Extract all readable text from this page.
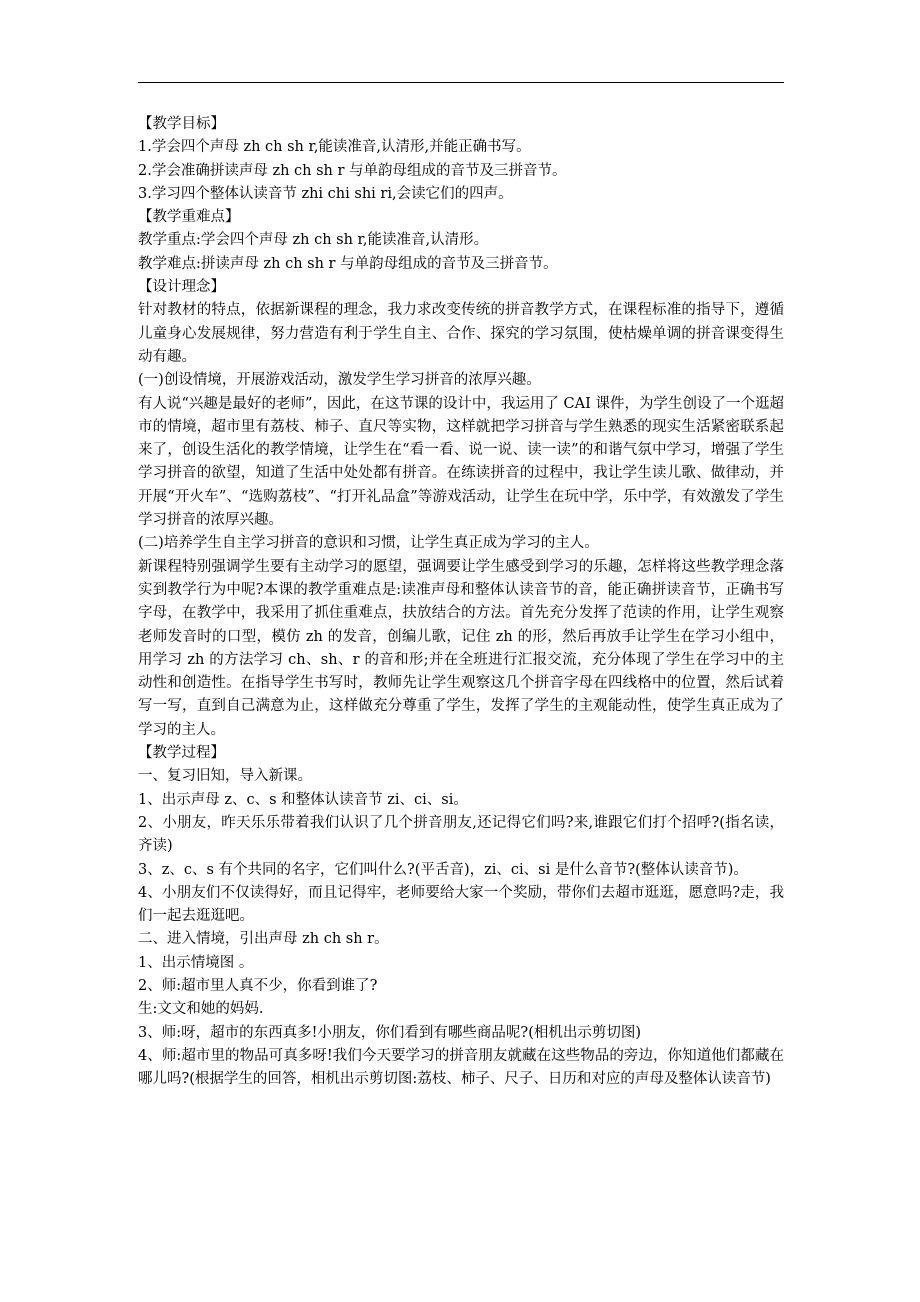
【教学目标】

1.学会四个声母 zh ch sh r,能读准音,认清形,并能正确书写。

2.学会准确拼读声母 zh ch sh r 与单韵母组成的音节及三拼音节。

3.学习四个整体认读音节 zhi chi shi ri,会读它们的四声。

【教学重难点】

教学重点:学会四个声母 zh ch sh r,能读准音,认清形。

教学难点:拼读声母 zh ch sh r 与单韵母组成的音节及三拼音节。

【设计理念】

针对教材的特点，依据新课程的理念，我力求改变传统的拼音教学方式，在课程标准的指导下，遵循儿童身心发展规律，努力营造有利于学生自主、合作、探究的学习氛围，使枯燥单调的拼音课变得生动有趣。

(一)创设情境，开展游戏活动，激发学生学习拼音的浓厚兴趣。

有人说“兴趣是最好的老师”，因此，在这节课的设计中，我运用了 CAI 课件，为学生创设了一个逛超市的情境，超市里有荔枝、柿子、直尺等实物，这样就把学习拼音与学生熟悉的现实生活紧密联系起来了，创设生活化的教学情境，让学生在“看一看、说一说、读一读”的和谐气氛中学习，增强了学生学习拼音的欲望，知道了生活中处处都有拼音。在练读拼音的过程中，我让学生读儿歌、做律动，并开展“开火车”、“选购荔枝”、“打开礼品盒”等游戏活动，让学生在玩中学，乐中学，有效激发了学生学习拼音的浓厚兴趣。

(二)培养学生自主学习拼音的意识和习惯，让学生真正成为学习的主人。

新课程特别强调学生要有主动学习的愿望，强调要让学生感受到学习的乐趣，怎样将这些教学理念落实到教学行为中呢?本课的教学重难点是:读准声母和整体认读音节的音，能正确拼读音节，正确书写字母，在教学中，我采用了抓住重难点，扶放结合的方法。首先充分发挥了范读的作用，让学生观察老师发音时的口型，模仿 zh 的发音，创编儿歌，记住 zh 的形，然后再放手让学生在学习小组中，用学习 zh 的方法学习 ch、sh、r 的音和形;并在全班进行汇报交流，充分体现了学生在学习中的主动性和创造性。在指导学生书写时，教师先让学生观察这几个拼音字母在四线格中的位置，然后试着写一写，直到自己满意为止，这样做充分尊重了学生，发挥了学生的主观能动性，使学生真正成为了学习的主人。

【教学过程】

一、复习旧知，导入新课。

1、出示声母 z、c、s 和整体认读音节 zi、ci、si。

2、小朋友，昨天乐乐带着我们认识了几个拼音朋友,还记得它们吗?来,谁跟它们打个招呼?(指名读，齐读)

3、z、c、s 有个共同的名字，它们叫什么?(平舌音)，zi、ci、si 是什么音节?(整体认读音节)。

4、小朋友们不仅读得好，而且记得牢，老师要给大家一个奖励，带你们去超市逛逛，愿意吗?走，我们一起去逛逛吧。

二、进入情境，引出声母 zh ch sh r。

1、出示情境图 。

2、师:超市里人真不少，你看到谁了?

生:文文和她的妈妈.

3、师:呀，超市的东西真多!小朋友，你们看到有哪些商品呢?(相机出示剪切图)

4、师:超市里的物品可真多呀!我们今天要学习的拼音朋友就藏在这些物品的旁边，你知道他们都藏在哪儿吗?(根据学生的回答，相机出示剪切图:荔枝、柿子、尺子、日历和对应的声母及整体认读音节)
